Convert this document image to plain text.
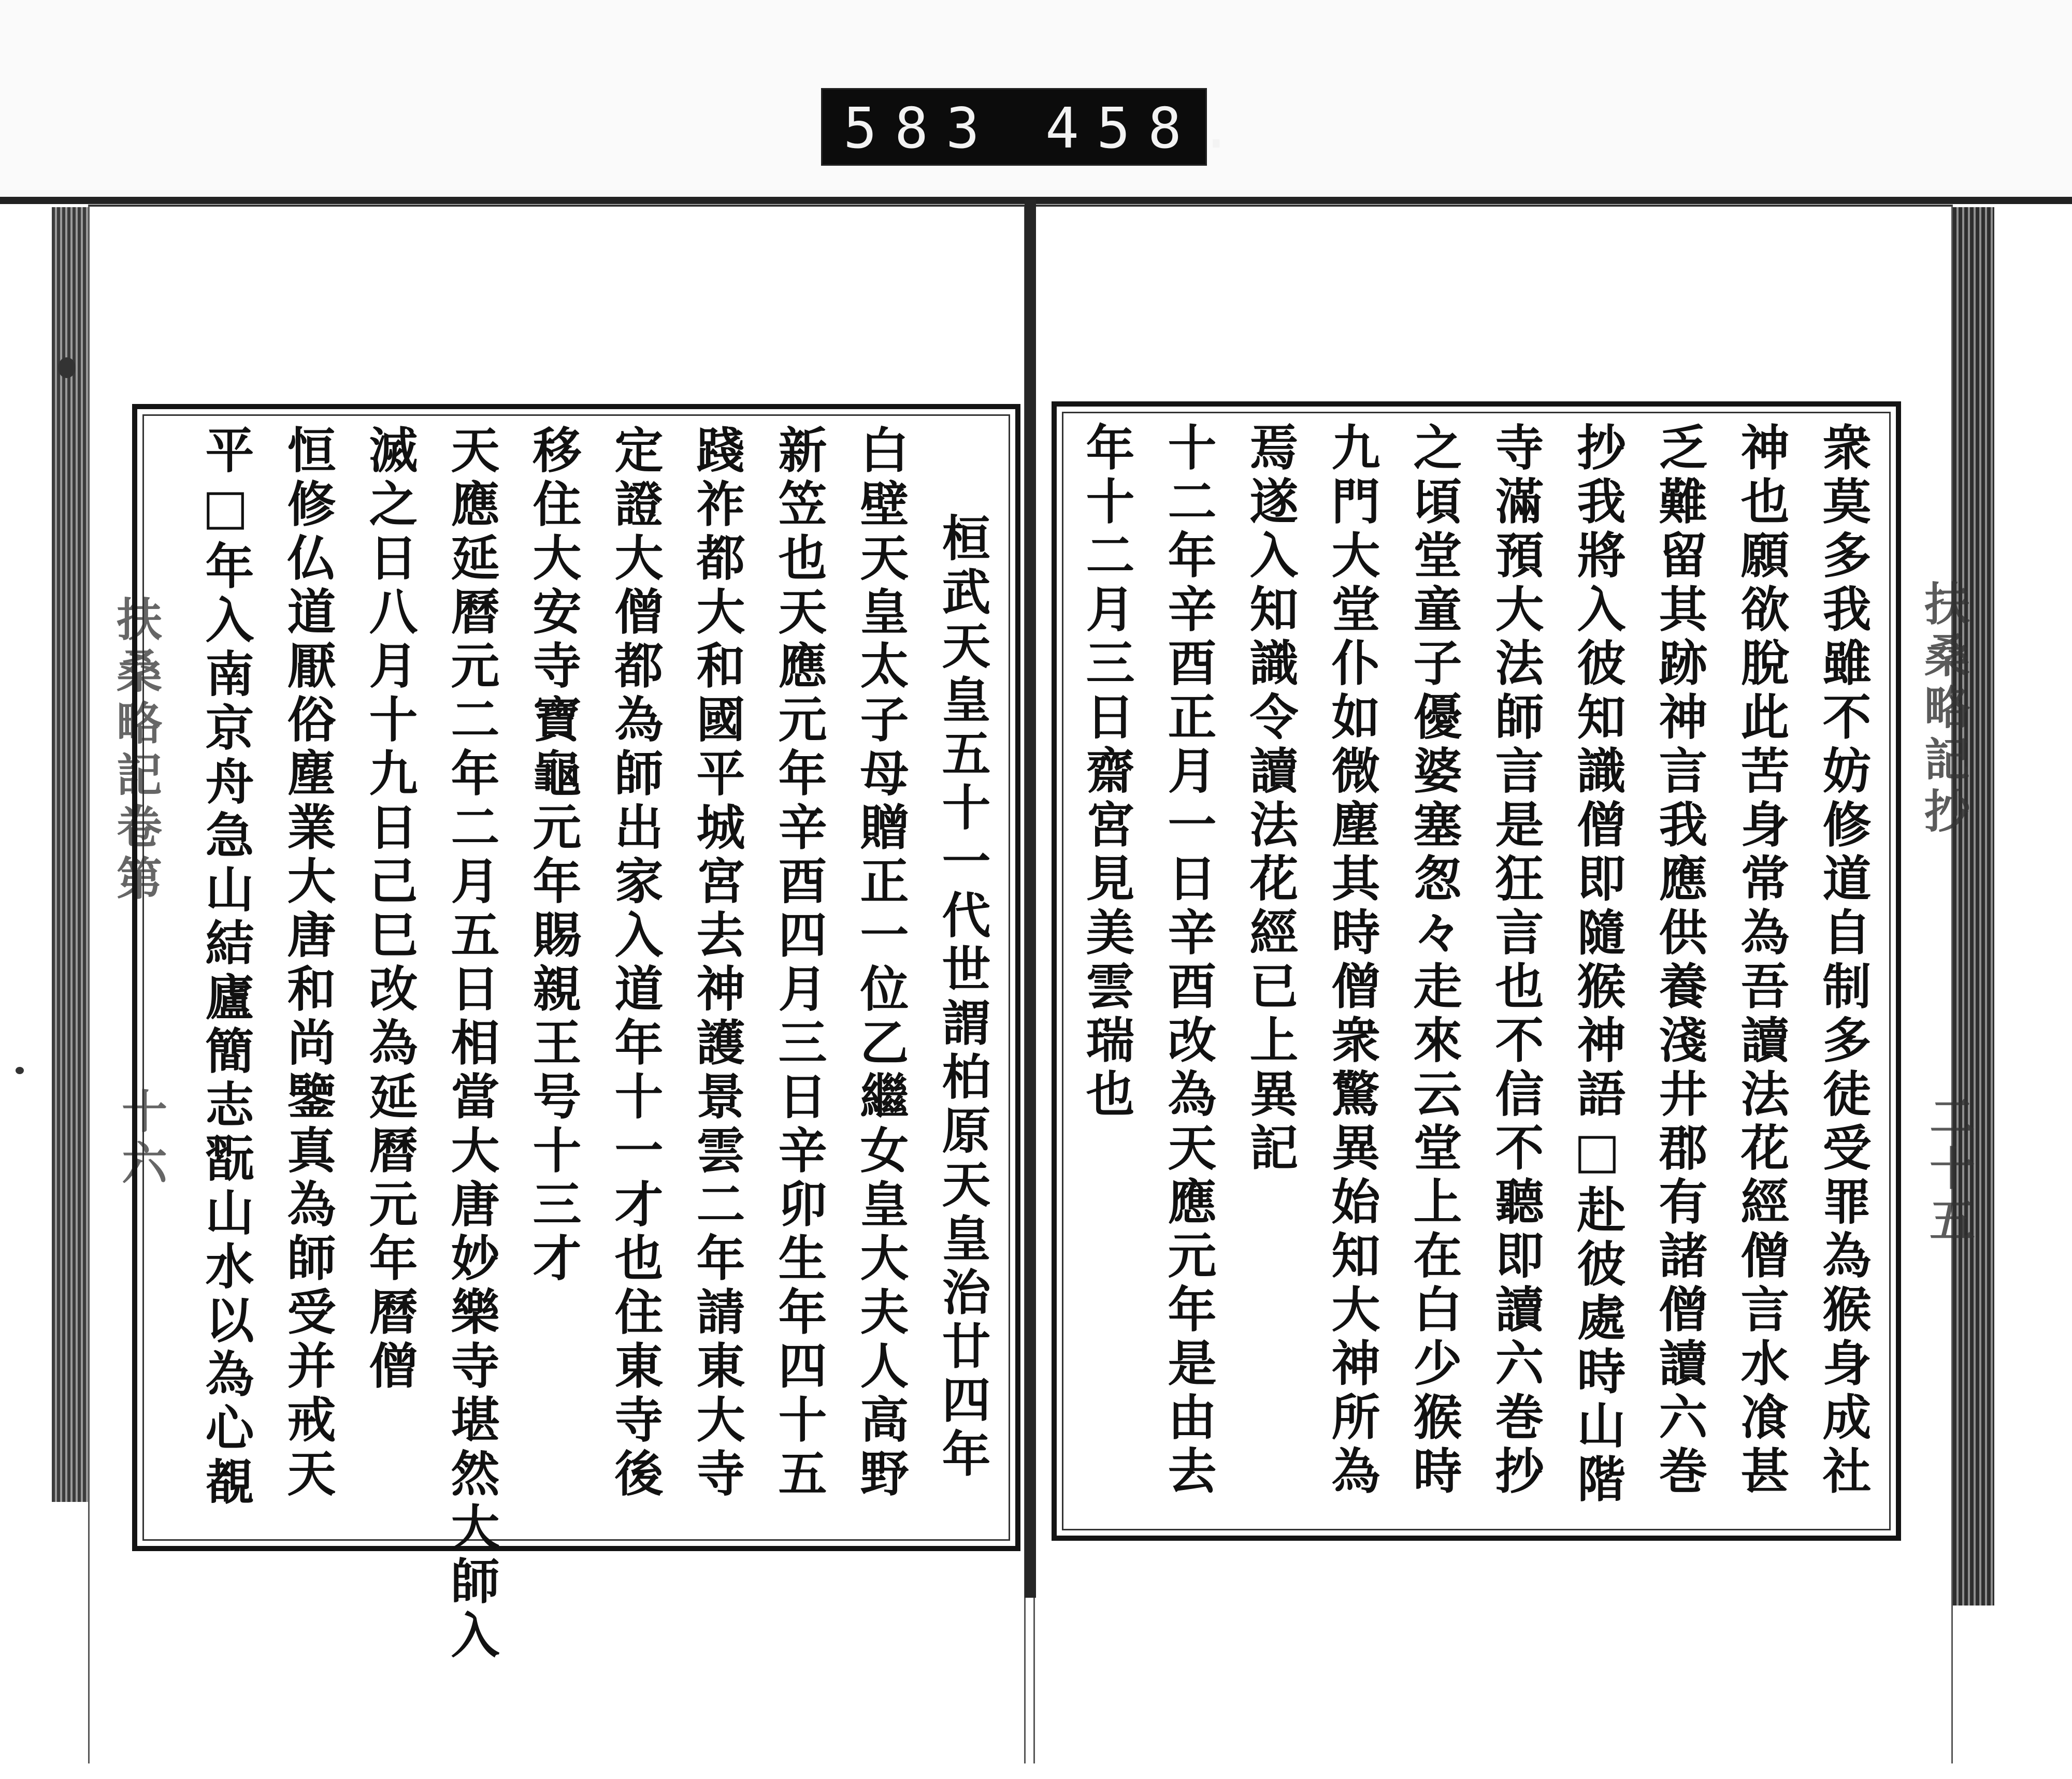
583 458.
扶桑略記卷第
十六
扶桑略記抄
二十五
桓武天皇五十一代世謂柏原天皇治廿四年
白壁天皇太子母贈正一位乙繼女皇大夫人高野
新笠也天應元年辛酉四月三日辛卯生年四十五
踐祚都大和國平城宮去神護景雲二年請東大寺
定證大僧都為師出家入道年十一才也住東寺後
移住大安寺寶龜元年賜親王号十三才
天應延曆元二年二月五日相當大唐妙樂寺堪然大師入
滅之日八月十九日己巳改為延曆元年曆僧
恒修仏道厭俗塵業大唐和尚鑒真為師受并戒天
平□年入南京舟急山結廬簡志翫山水以為心覩	衆莫多我雖不妨修道自制多徒受罪為猴身成社
神也願欲脫此苦身常為吾讀法花經僧言水飡甚
乏難留其跡神言我應供養淺井郡有諸僧讀六巻
抄我將入彼知識僧即隨猴神語□赴彼處時山階
寺滿預大法師言是狂言也不信不聽即讀六巻抄
之頃堂童子優婆塞怱々走來云堂上在白少猴時
九門大堂仆如微塵其時僧衆驚異始知大神所為
焉遂入知識令讀法花經已上異記
十二年辛酉正月一日辛酉改為天應元年是由去
年十二月三日齋宮見美雲瑞也
